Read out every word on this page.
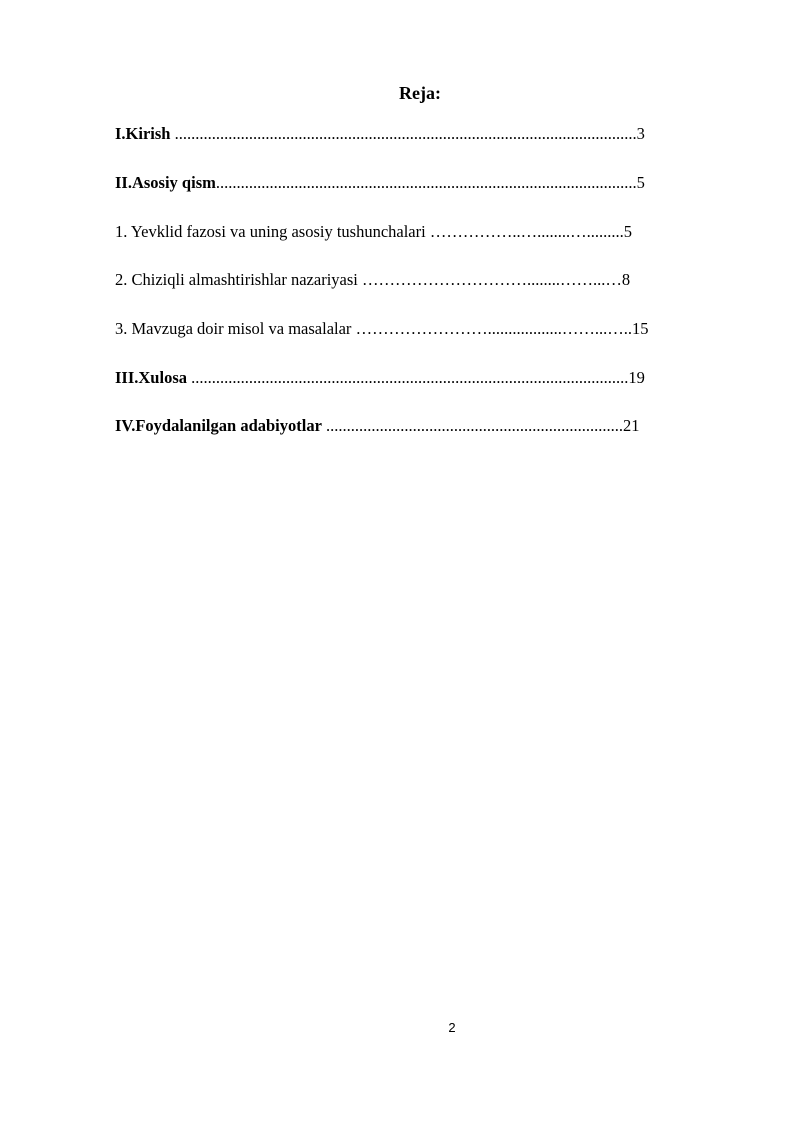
Reja:
I.Kirish ................................................................................................................3
II.Asosiy qism......................................................................................................5
1. Yevklid fazosi va uning asosiy tushunchalari ……………..…........….........5
2. Chiziqli almashtirishlar nazariyasi …………………………........……...…8
3. Mavzuga doir misol va masalalar ……………………..................……...…..15
III.Xulosa ..........................................................................................................19
IV.Foydalanilgan adabiyotlar ........................................................................21
2
